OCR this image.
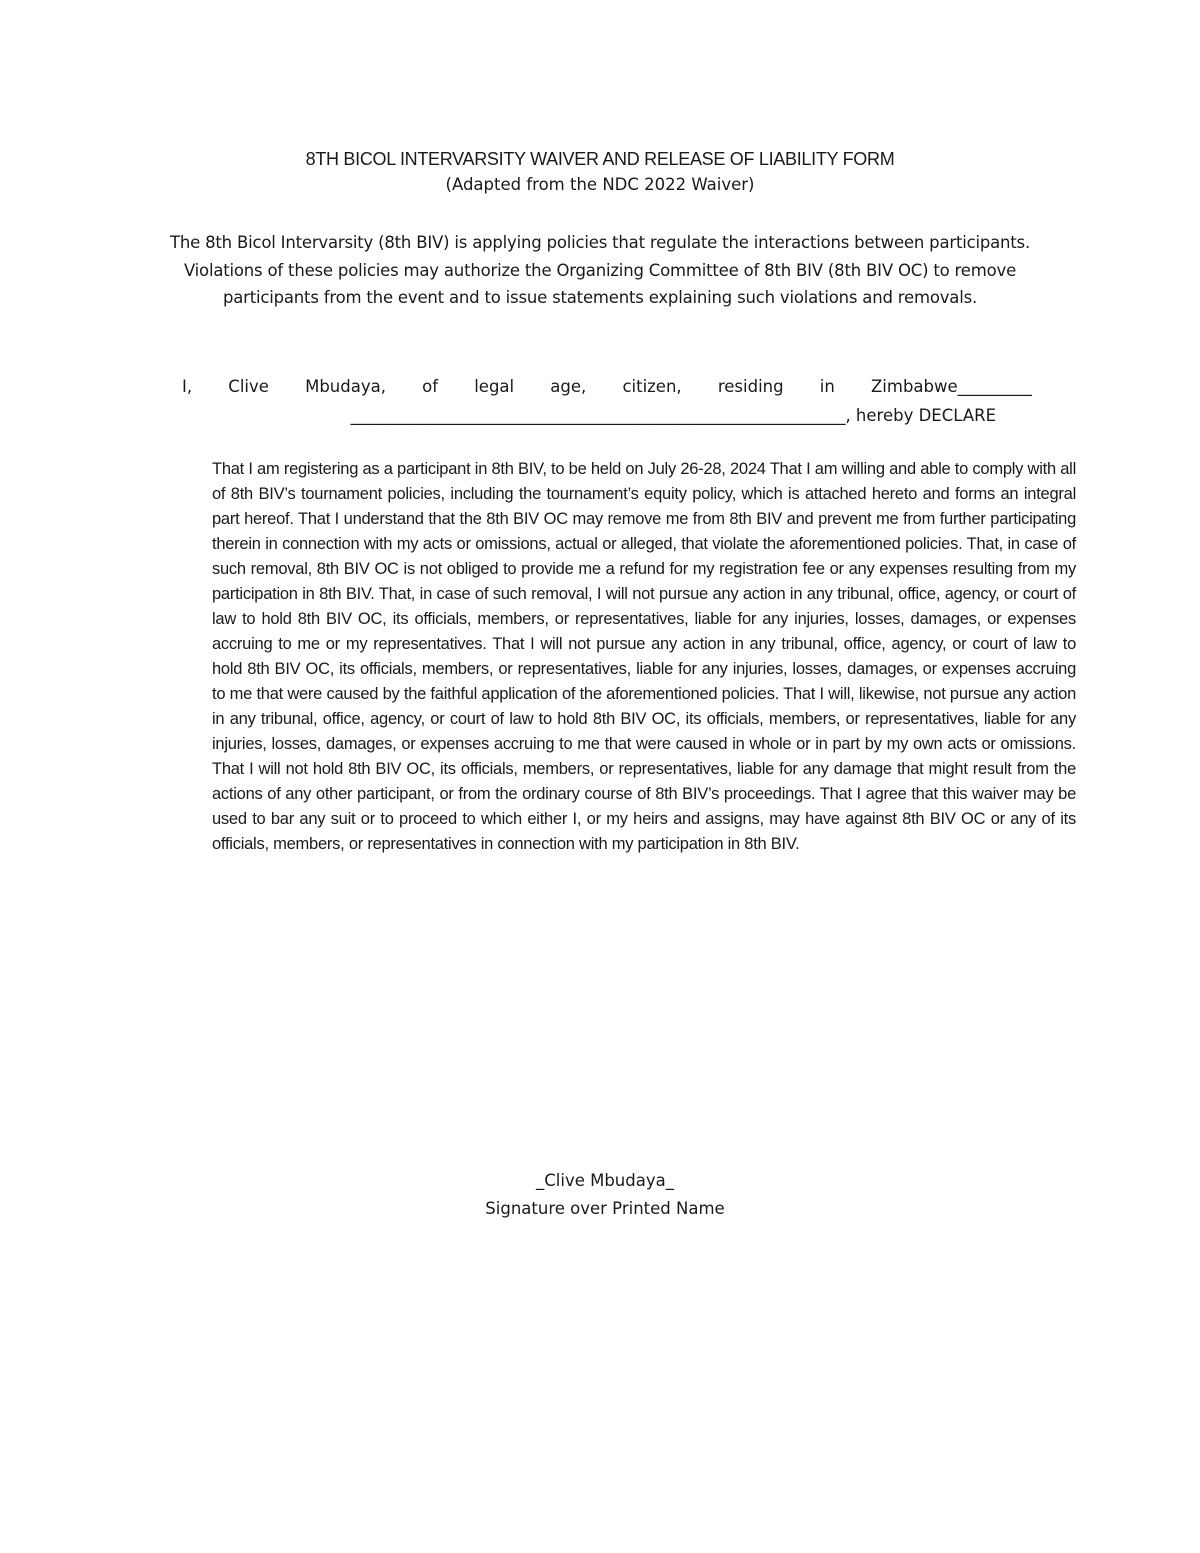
8TH BICOL INTERVARSITY WAIVER AND RELEASE OF LIABILITY FORM
(Adapted from the NDC 2022 Waiver)
The 8th Bicol Intervarsity (8th BIV) is applying policies that regulate the interactions between participants. Violations of these policies may authorize the Organizing Committee of 8th BIV (8th BIV OC) to remove participants from the event and to issue statements explaining such violations and removals.
I, Clive Mbudaya, of legal age, citizen, residing in Zimbabwe_________
____________________________________________________________, hereby DECLARE
That I am registering as a participant in 8th BIV, to be held on July 26-28, 2024 That I am willing and able to comply with all of 8th BIV’s tournament policies, including the tournament’s equity policy, which is attached hereto and forms an integral part hereof. That I understand that the 8th BIV OC may remove me from 8th BIV and prevent me from further participating therein in connection with my acts or omissions, actual or alleged, that violate the aforementioned policies. That, in case of such removal, 8th BIV OC is not obliged to provide me a refund for my registration fee or any expenses resulting from my participation in 8th BIV. That, in case of such removal, I will not pursue any action in any tribunal, office, agency, or court of law to hold 8th BIV OC, its officials, members, or representatives, liable for any injuries, losses, damages, or expenses accruing to me or my representatives. That I will not pursue any action in any tribunal, office, agency, or court of law to hold 8th BIV OC, its officials, members, or representatives, liable for any injuries, losses, damages, or expenses accruing to me that were caused by the faithful application of the aforementioned policies. That I will, likewise, not pursue any action in any tribunal, office, agency, or court of law to hold 8th BIV OC, its officials, members, or representatives, liable for any injuries, losses, damages, or expenses accruing to me that were caused in whole or in part by my own acts or omissions. That I will not hold 8th BIV OC, its officials, members, or representatives, liable for any damage that might result from the actions of any other participant, or from the ordinary course of 8th BIV’s proceedings. That I agree that this waiver may be used to bar any suit or to proceed to which either I, or my heirs and assigns, may have against 8th BIV OC or any of its officials, members, or representatives in connection with my participation in 8th BIV.
_Clive Mbudaya_
Signature over Printed Name
